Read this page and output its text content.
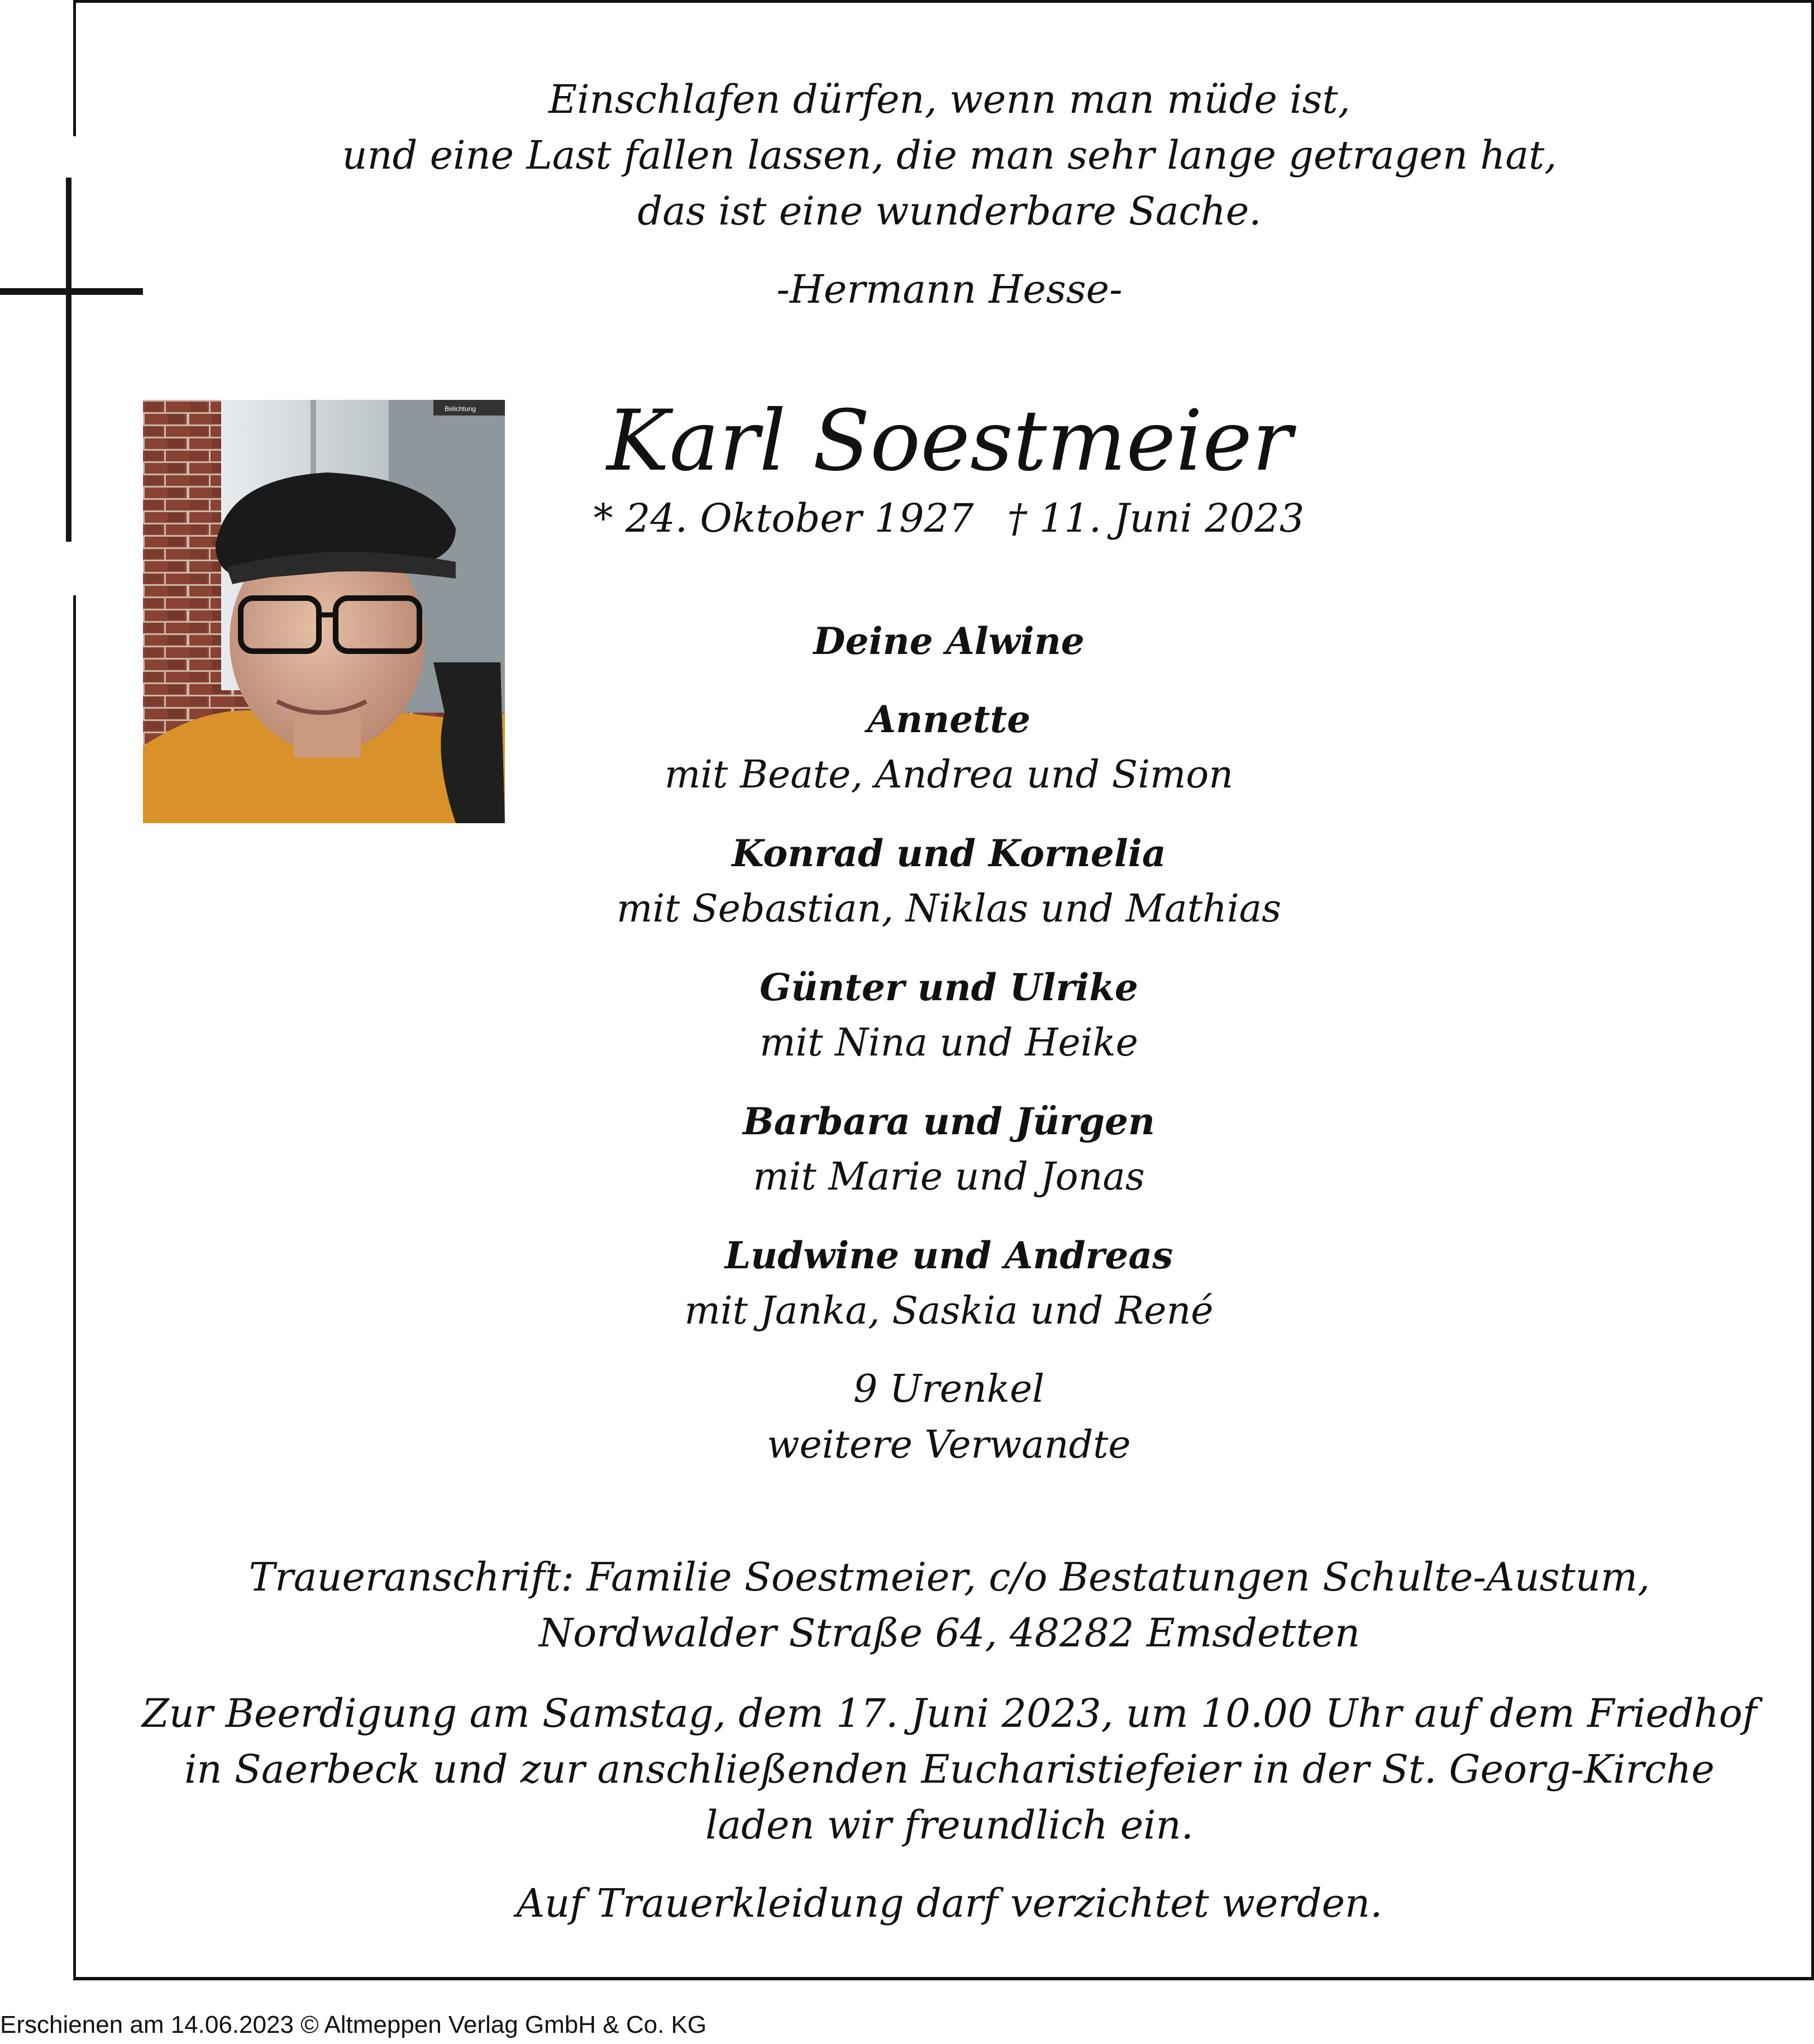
Einschlafen dürfen, wenn man müde ist,
und eine Last fallen lassen, die man sehr lange getragen hat,
das ist eine wunderbare Sache.
-Hermann Hesse-
Belichtung	Karl Soestmeier
* 24. Oktober 1927 † 11. Juni 2023
Deine Alwine
Annette
mit Beate, Andrea und Simon
Konrad und Kornelia
mit Sebastian, Niklas und Mathias
Günter und Ulrike
mit Nina und Heike
Barbara und Jürgen
mit Marie und Jonas
Ludwine und Andreas
mit Janka, Saskia und René
9 Urenkel
weitere Verwandte
Traueranschrift: Familie Soestmeier, c/o Bestatungen Schulte-Austum,
Nordwalder Straße 64, 48282 Emsdetten
Zur Beerdigung am Samstag, dem 17. Juni 2023, um 10.00 Uhr auf dem Friedhof
in Saerbeck und zur anschließenden Eucharistiefeier in der St. Georg-Kirche
laden wir freundlich ein.
Auf Trauerkleidung darf verzichtet werden.
Erschienen am 14.06.2023 © Altmeppen Verlag GmbH & Co. KG
